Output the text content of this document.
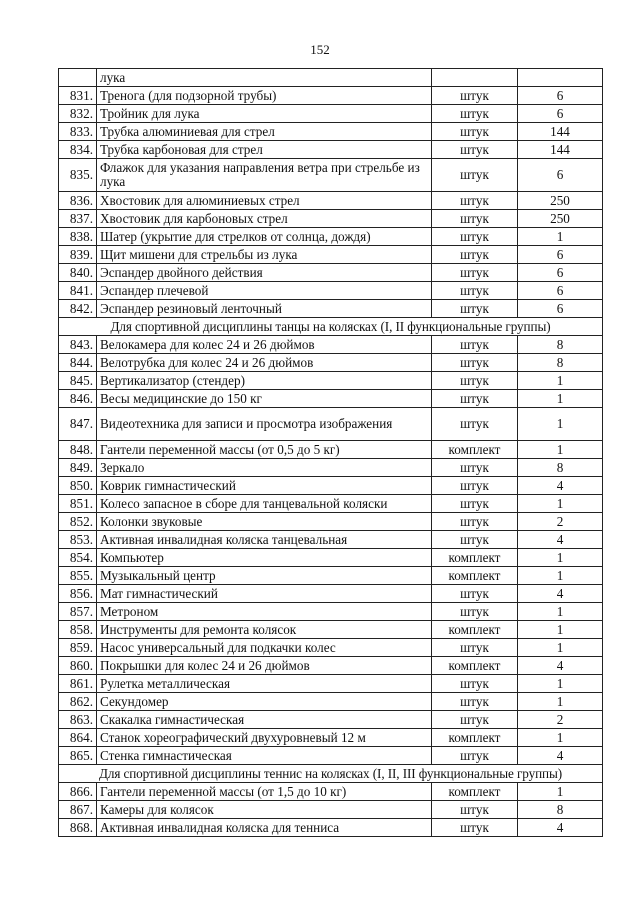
152
	лука		
831.	Тренога (для подзорной трубы)	штук	6
832.	Тройник для лука	штук	6
833.	Трубка алюминиевая для стрел	штук	144
834.	Трубка карбоновая для стрел	штук	144
835.	Флажок для указания направления ветра при стрельбе из лука	штук	6
836.	Хвостовик для алюминиевых стрел	штук	250
837.	Хвостовик для карбоновых стрел	штук	250
838.	Шатер (укрытие для стрелков от солнца, дождя)	штук	1
839.	Щит мишени для стрельбы из лука	штук	6
840.	Эспандер двойного действия	штук	6
841.	Эспандер плечевой	штук	6
842.	Эспандер резиновый ленточный	штук	6
Для спортивной дисциплины танцы на колясках (I, II функциональные группы)			
843.	Велокамера для колес 24 и 26 дюймов	штук	8
844.	Велотрубка для колес 24 и 26 дюймов	штук	8
845.	Вертикализатор (стендер)	штук	1
846.	Весы медицинские до 150 кг	штук	1
847.	Видеотехника для записи и просмотра изображения	штук	1
848.	Гантели переменной массы (от 0,5 до 5 кг)	комплект	1
849.	Зеркало	штук	8
850.	Коврик гимнастический	штук	4
851.	Колесо запасное в сборе для танцевальной коляски	штук	1
852.	Колонки звуковые	штук	2
853.	Активная инвалидная коляска танцевальная	штук	4
854.	Компьютер	комплект	1
855.	Музыкальный центр	комплект	1
856.	Мат гимнастический	штук	4
857.	Метроном	штук	1
858.	Инструменты для ремонта колясок	комплект	1
859.	Насос универсальный для подкачки колес	штук	1
860.	Покрышки для колес 24 и 26 дюймов	комплект	4
861.	Рулетка металлическая	штук	1
862.	Секундомер	штук	1
863.	Скакалка гимнастическая	штук	2
864.	Станок хореографический двухуровневый 12 м	комплект	1
865.	Стенка гимнастическая	штук	4
Для спортивной дисциплины теннис на колясках (I, II, III функциональные группы)			
866.	Гантели переменной массы (от 1,5 до 10 кг)	комплект	1
867.	Камеры для колясок	штук	8
868.	Активная инвалидная коляска для тенниса	штук	4
